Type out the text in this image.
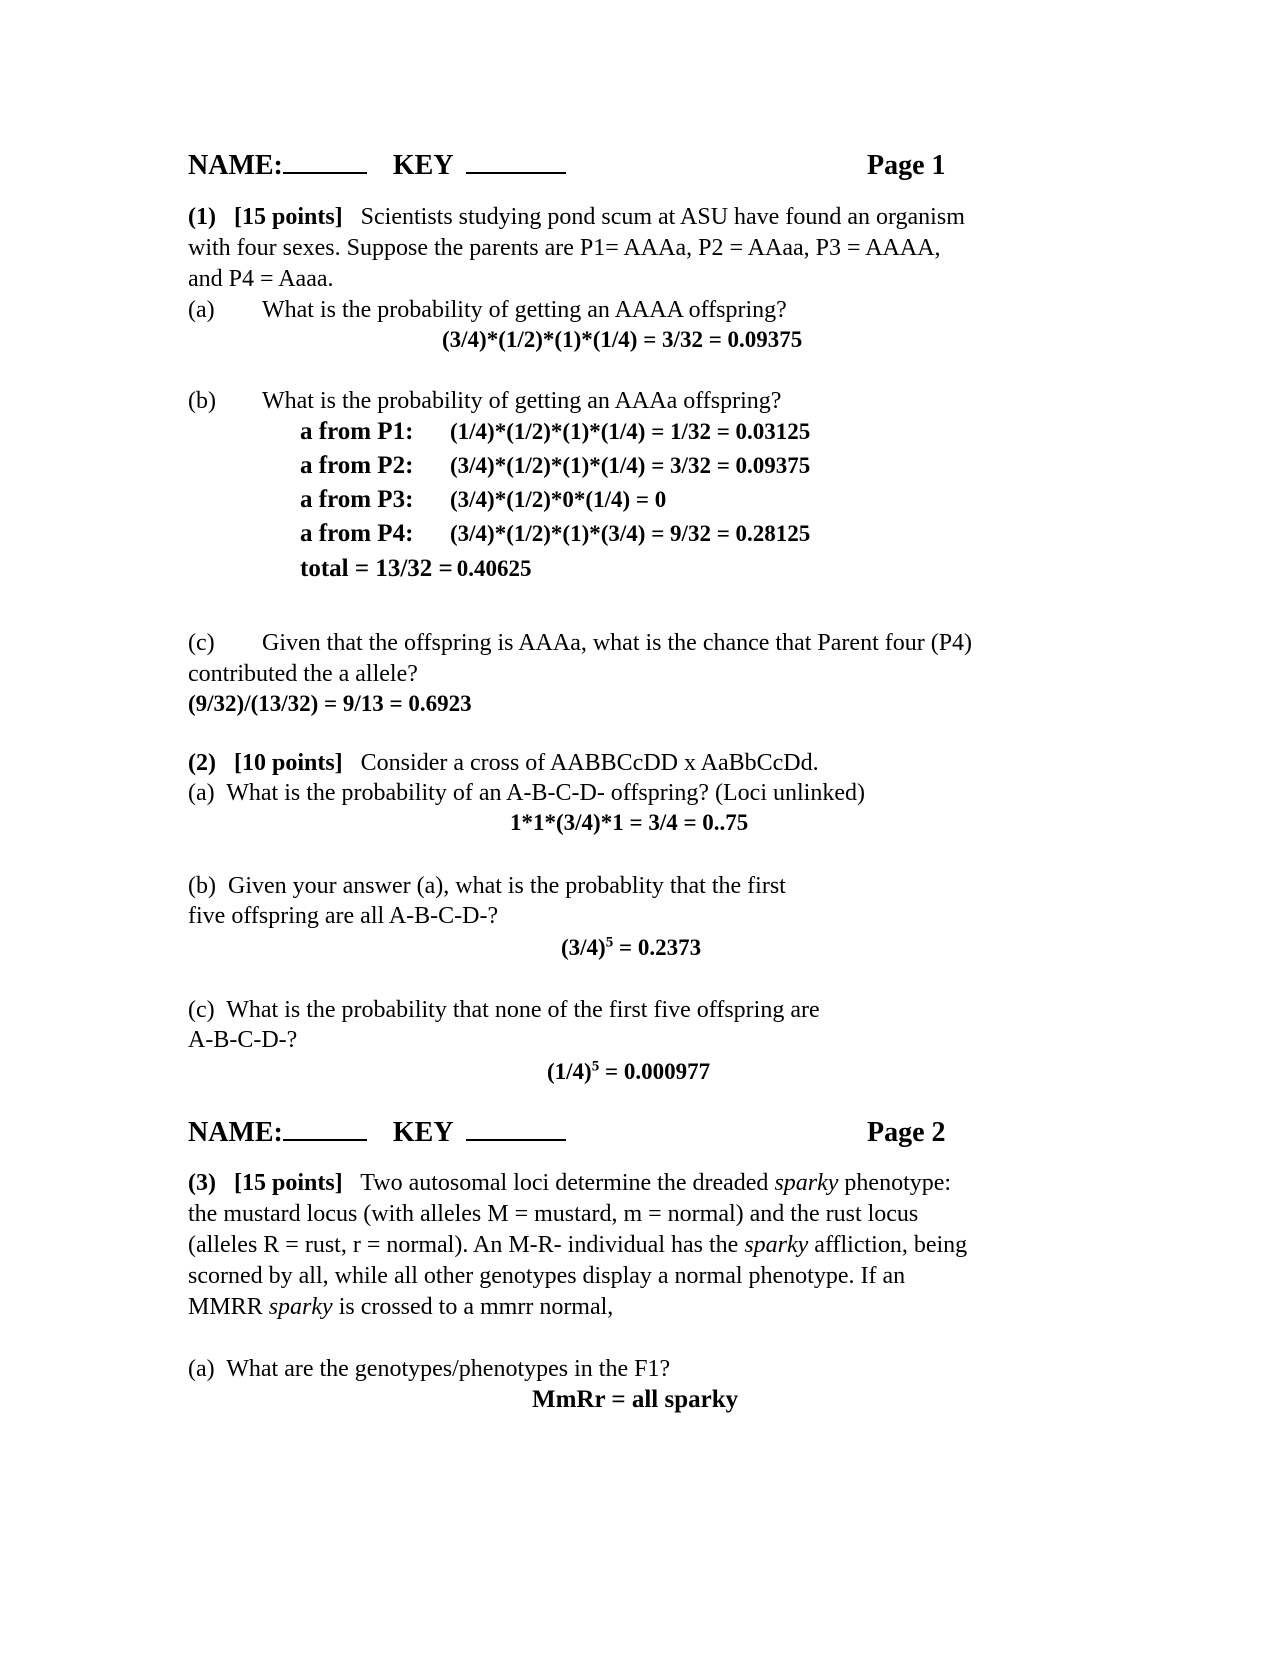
NAME:	KEY	Page 1
(1) [15 points] Scientists studying pond scum at ASU have found an organism
with four sexes. Suppose the parents are P1= AAAa, P2 = AAaa, P3 = AAAA,
and P4 = Aaaa.
(a) What is the probability of getting an AAAA offspring?
(3/4)*(1/2)*(1)*(1/4) = 3/32 = 0.09375
(b) What is the probability of getting an AAAa offspring?
a from P1: (1/4)*(1/2)*(1)*(1/4) = 1/32 = 0.03125
a from P2: (3/4)*(1/2)*(1)*(1/4) = 3/32 = 0.09375
a from P3: (3/4)*(1/2)*0*(1/4) = 0
a from P4: (3/4)*(1/2)*(1)*(3/4) = 9/32 = 0.28125
total = 13/32 = 0.40625
(c) Given that the offspring is AAAa, what is the chance that Parent four (P4)
contributed the a allele?
(9/32)/(13/32) = 9/13 = 0.6923
(2) [10 points] Consider a cross of AABBCcDD x AaBbCcDd.
(a) What is the probability of an A-B-C-D- offspring? (Loci unlinked)
1*1*(3/4)*1 = 3/4 = 0..75
(b) Given your answer (a), what is the probablity that the first
five offspring are all A-B-C-D-?
$(3/4)^5 = 0.2373$
(c) What is the probability that none of the first five offspring are
A-B-C-D-?
$(1/4)^5 = 0.000977$
NAME:	KEY	Page 2
(3) [15 points] Two autosomal loci determine the dreaded sparky phenotype:
the mustard locus (with alleles M = mustard, m = normal) and the rust locus
(alleles R = rust, r = normal). An M-R- individual has the sparky affliction, being
scorned by all, while all other genotypes display a normal phenotype. If an
MMRR sparky is crossed to a mmrr normal,
(a) What are the genotypes/phenotypes in the F1?
MmRr = all sparky
